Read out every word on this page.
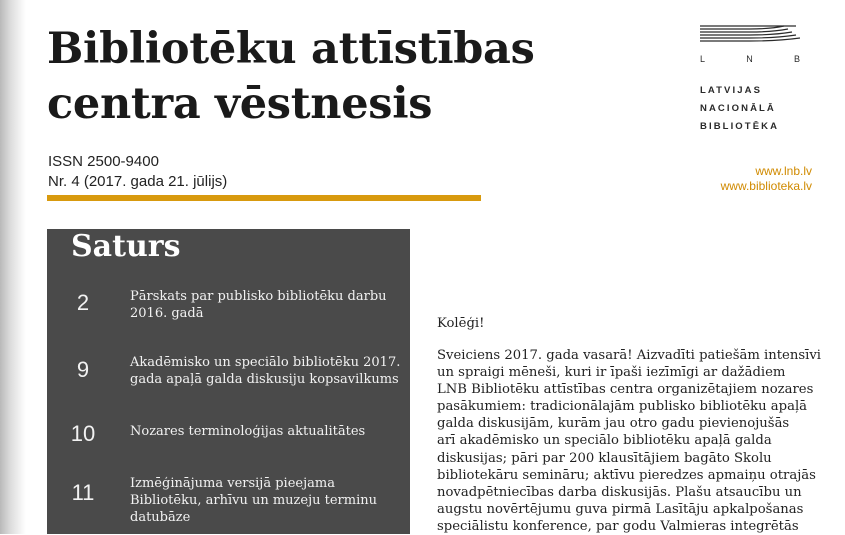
Bibliotēku attīstības
centra vēstnesis
ISSN 2500-9400
Nr. 4 (2017. gada 21. jūlijs)
L	N	B
LATVIJAS
NACIONĀLĀ
BIBLIOTĒKA
www.lnb.lv
www.biblioteka.lv
Saturs
2	Pārskats par publisko bibliotēku darbu 2016. gadā
9	Akadēmisko un speciālo bibliotēku 2017. gada apaļā galda diskusiju kopsavilkums
10	Nozares terminoloģijas aktualitātes
11	Izmēģinājuma versijā pieejama Bibliotēku, arhīvu un muzeju terminu datubāze
Kolēģi!
Sveiciens 2017. gada vasarā! Aizvadīti patiešām intensīvi
un spraigi mēneši, kuri ir īpaši iezīmīgi ar dažādiem
LNB Bibliotēku attīstības centra organizētajiem nozares
pasākumiem: tradicionālajām publisko bibliotēku apaļā
galda diskusijām, kurām jau otro gadu pievienojušās
arī akadēmisko un speciālo bibliotēku apaļā galda
diskusijas; pāri par 200 klausītājiem bagāto Skolu
bibliotekāru semināru; aktīvu pieredzes apmaiņu otrajās
novadpētniecības darba diskusijās. Plašu atsaucību un
augstu novērtējumu guva pirmā Lasītāju apkalpošanas
speciālistu konference, par godu Valmieras integrētās
